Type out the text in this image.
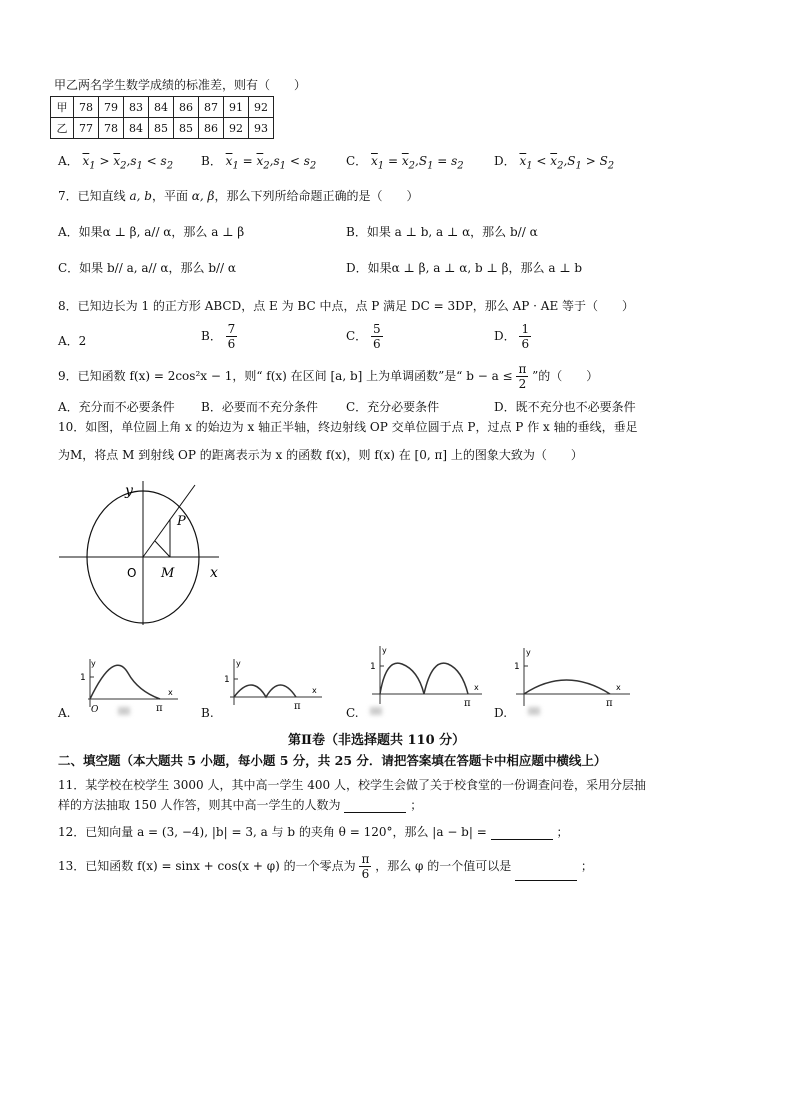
甲乙两名学生数学成绩的标准差，则有（　　）
甲	78	79	83	84	86	87	91	92
乙	77	78	84	85	85	86	92	93
A． $\overline{x}_1 > \overline{x}_2,s_1 < s_2$ B． $\overline{x}_1 = \overline{x}_2,s_1 < s_2$ C． $\overline{x}_1 = \overline{x}_2,S_1 = s_2$	D． $\overline{x}_1 < \overline{x}_2,S_1 > S_2$
7．已知直线 a, b，平面 α, β，那么下列所给命题正确的是（　　）
A．如果α ⊥ β, a// α，那么 a ⊥ β	B．如果 a ⊥ b, a ⊥ α，那么 b// α
C．如果 b// a, a// α，那么 b// α	D．如果α ⊥ β, a ⊥ α, b ⊥ β，那么 a ⊥ b
8．已知边长为 1 的正方形 ABCD，点 E 为 BC 中点，点 P 满足 DC = 3DP，那么 AP · AE 等于（　　）
A．2	B． $\frac{7}{6}$	C． $\frac{5}{6}$	D． $\frac{1}{6}$
9．已知函数 f(x) = 2cos²x − 1，则“ f(x) 在区间 [a, b] 上为单调函数”是“ $b - a \le \frac{\pi}{2}$ ”的（　　）
A．充分而不必要条件 B．必要而不充分条件 C．充分必要条件	D．既不充分也不必要条件
10．如图，单位圆上角 x 的始边为 x 轴正半轴，终边射线 OP 交单位圆于点 P，过点 P 作 x 轴的垂线，垂足
为M，将点 M 到射线 OP 的距离表示为 x 的函数 f(x)，则 f(x) 在 [0, π] 上的图象大致为（　　）
y
x
O
P
M
A.
y
x
1
π
O	B.
y
x
1
π	C.
y
x
1
π
D.
y
x
1
π
第Ⅱ卷（非选择题共 110 分）
二、填空题（本大题共 5 小题，每小题 5 分，共 25 分．请把答案填在答题卡中相应题中横线上）
11．某学校在校学生 3000 人，其中高一学生 400 人，校学生会做了关于校食堂的一份调查问卷，采用分层抽
样的方法抽取 150 人作答，则其中高一学生的人数为	；
12．已知向量 a = (3, −4), |b| = 3, a 与 b 的夹角 θ = 120°，那么 |a − b| =	；
13．已知函数 f(x) = sinx + cos(x + φ) 的一个零点为 $\frac{\pi}{6}$ ，那么 φ 的一个值可以是	；
